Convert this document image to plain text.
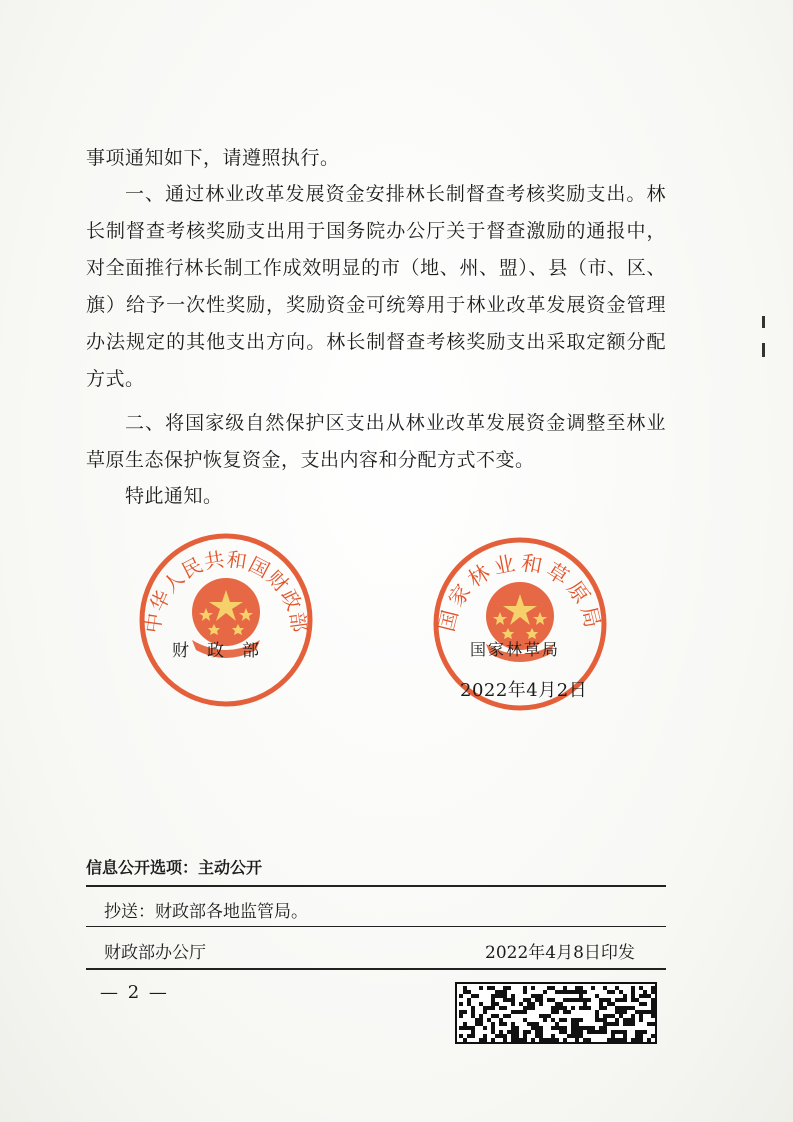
事项通知如下，请遵照执行。

一、通过林业改革发展资金安排林长制督查考核奖励支出。林长制督查考核奖励支出用于国务院办公厅关于督查激励的通报中，对全面推行林长制工作成效明显的市（地、州、盟）、县（市、区、旗）给予一次性奖励，奖励资金可统筹用于林业改革发展资金管理办法规定的其他支出方向。林长制督查考核奖励支出采取定额分配方式。

二、将国家级自然保护区支出从林业改革发展资金调整至林业草原生态保护恢复资金，支出内容和分配方式不变。

特此通知。

中华人民共和国财政部
财政部
国家林业和草原局
国家林草局
2022年4月2日
信息公开选项：主动公开
抄送：财政部各地监管局。
财政部办公厅	2022年4月8日印发
— 2 —
